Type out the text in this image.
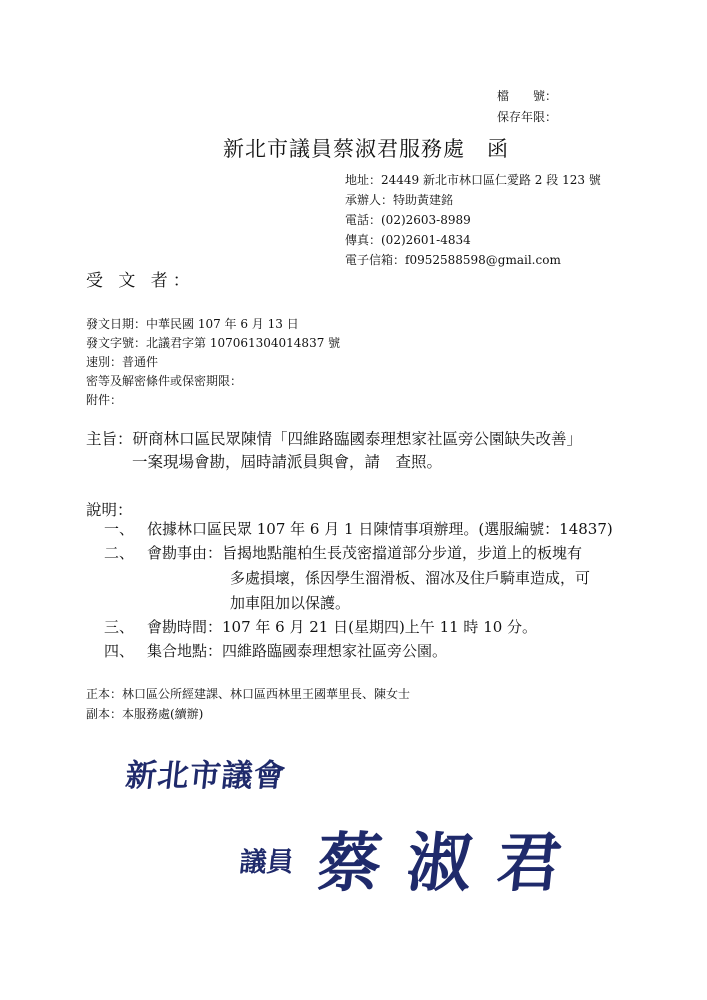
檔　　號：
保存年限：
新北市議員蔡淑君服務處　函
地址：24449 新北市林口區仁愛路 2 段 123 號
承辦人：特助黃建銘
電話：(02)2603-8989
傳真：(02)2601-4834
電子信箱：f0952588598@gmail.com
受 文 者：
發文日期：中華民國 107 年 6 月 13 日
發文字號：北議君字第 107061304014837 號
速別：普通件
密等及解密條件或保密期限：
附件：
主旨：研商林口區民眾陳情「四維路臨國泰理想家社區旁公園缺失改善」
一案現場會勘，屆時請派員與會，請　查照。
說明：
一、 依據林口區民眾 107 年 6 月 1 日陳情事項辦理。(選服編號：14837)
二、 會勘事由：旨揭地點龍柏生長茂密擋道部分步道，步道上的板塊有
多處損壞，係因學生溜滑板、溜冰及住戶騎車造成，可
加車阻加以保護。
三、 會勘時間：107 年 6 月 21 日(星期四)上午 11 時 10 分。
四、 集合地點：四維路臨國泰理想家社區旁公園。
正本：林口區公所經建課、林口區西林里王國華里長、陳女士
副本：本服務處(續辦)
新北市議會
議員 蔡淑君
